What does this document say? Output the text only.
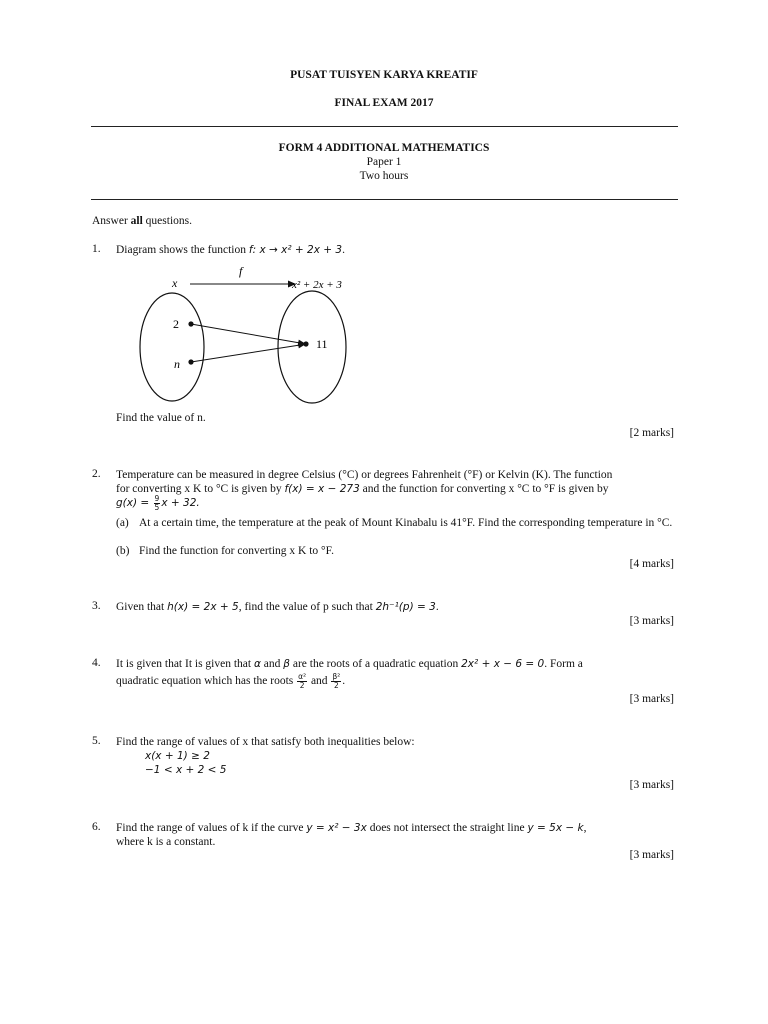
PUSAT TUISYEN KARYA KREATIF
FINAL EXAM 2017
FORM 4 ADDITIONAL MATHEMATICS
Paper 1
Two hours
Answer all questions.
1. Diagram shows the function f: x → x² + 2x + 3.
x
f
x² + 2x + 3
2
n
11
Find the value of n.
[2 marks]
2. Temperature can be measured in degree Celsius (°C) or degrees Fahrenheit (°F) or Kelvin (K). The function
for converting x K to °C is given by f(x) = x − 273 and the function for converting x °C to °F is given by
$g(x) = \frac{9}{5}$ x + 32.
(a) At a certain time, the temperature at the peak of Mount Kinabalu is 41°F. Find the corresponding temperature in °C.
(b) Find the function for converting x K to °F.
[4 marks]
3. Given that h(x) = 2x + 5, find the value of p such that 2h⁻¹(p) = 3.
[3 marks]
4. It is given that It is given that α and β are the roots of a quadratic equation 2x² + x − 6 = 0. Form a
quadratic equation which has the roots $\frac{\text{α²}}{2}$ and $\frac{\text{β²}}{2}$ .
[3 marks]
5. Find the range of values of x that satisfy both inequalities below:
x(x + 1) ≥ 2
−1 < x + 2 < 5
[3 marks]
6. Find the range of values of k if the curve y = x² − 3x does not intersect the straight line y = 5x − k,
where k is a constant.
[3 marks]
